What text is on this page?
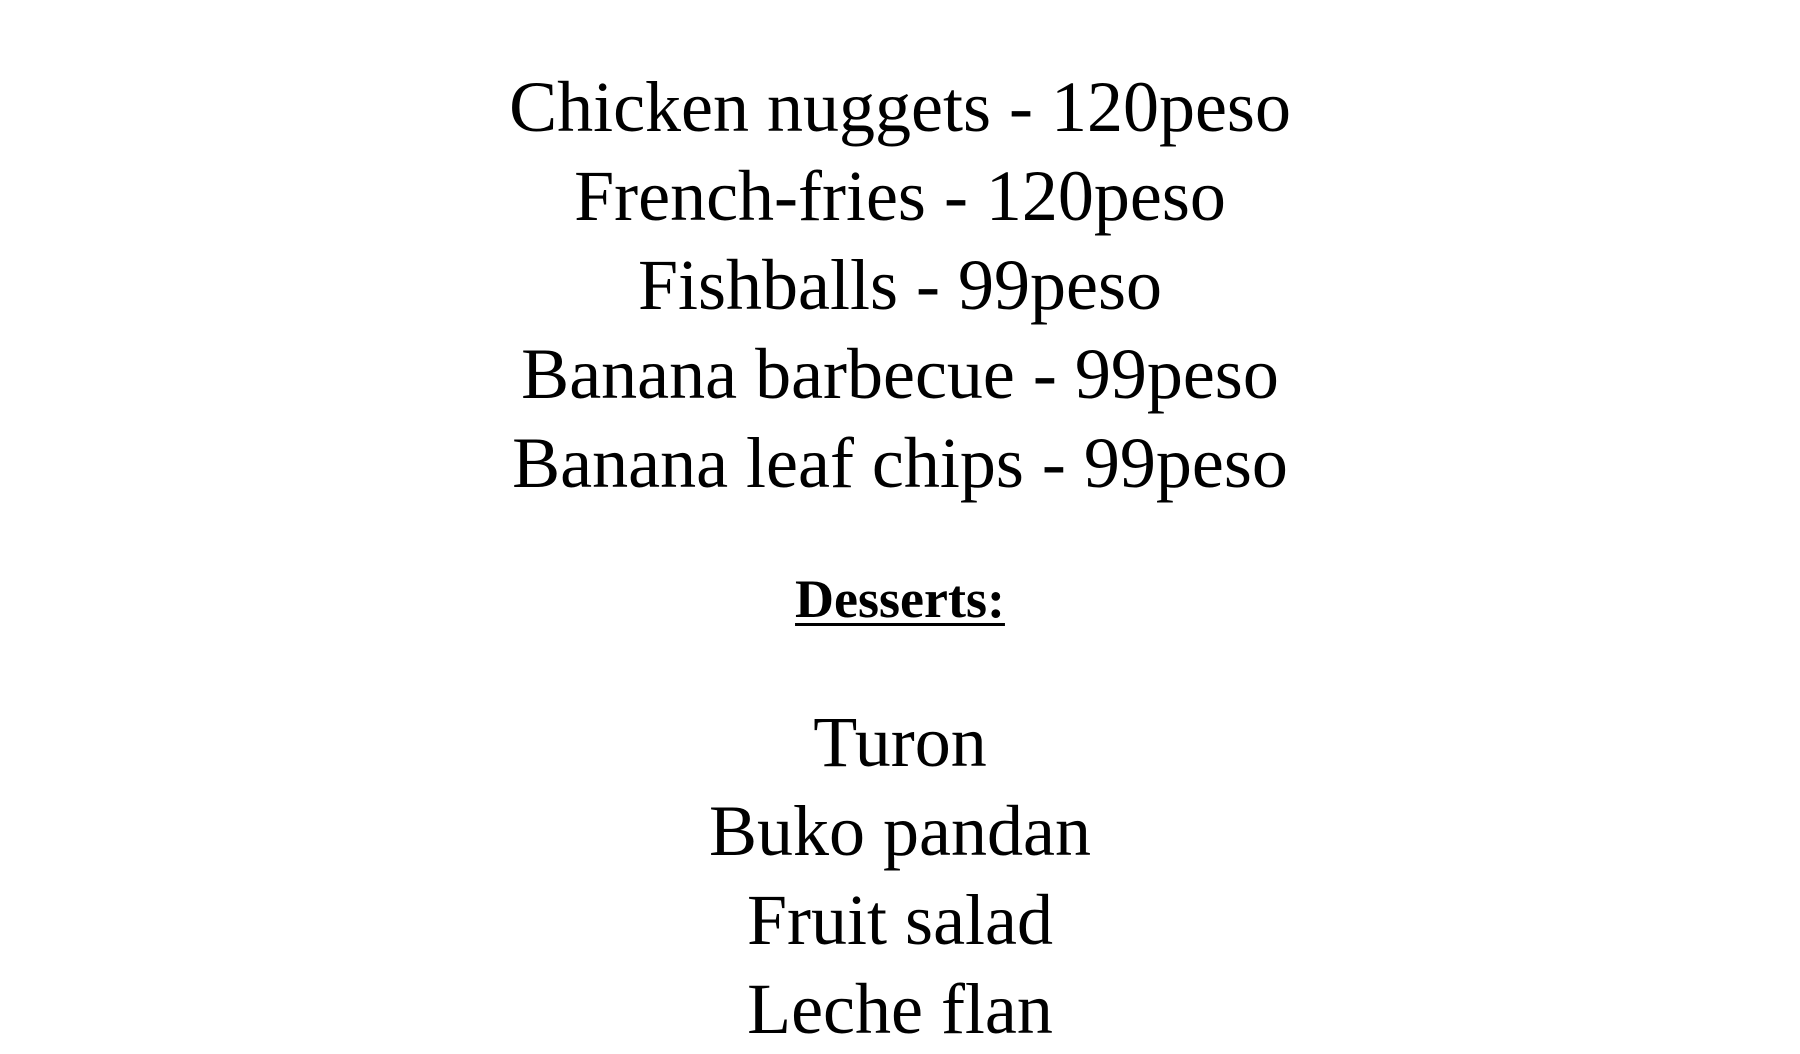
Chicken nuggets - 120peso

French-fries - 120peso

Fishballs - 99peso

Banana barbecue - 99peso

Banana leaf chips - 99peso

Desserts:

Turon

Buko pandan

Fruit salad

Leche flan
